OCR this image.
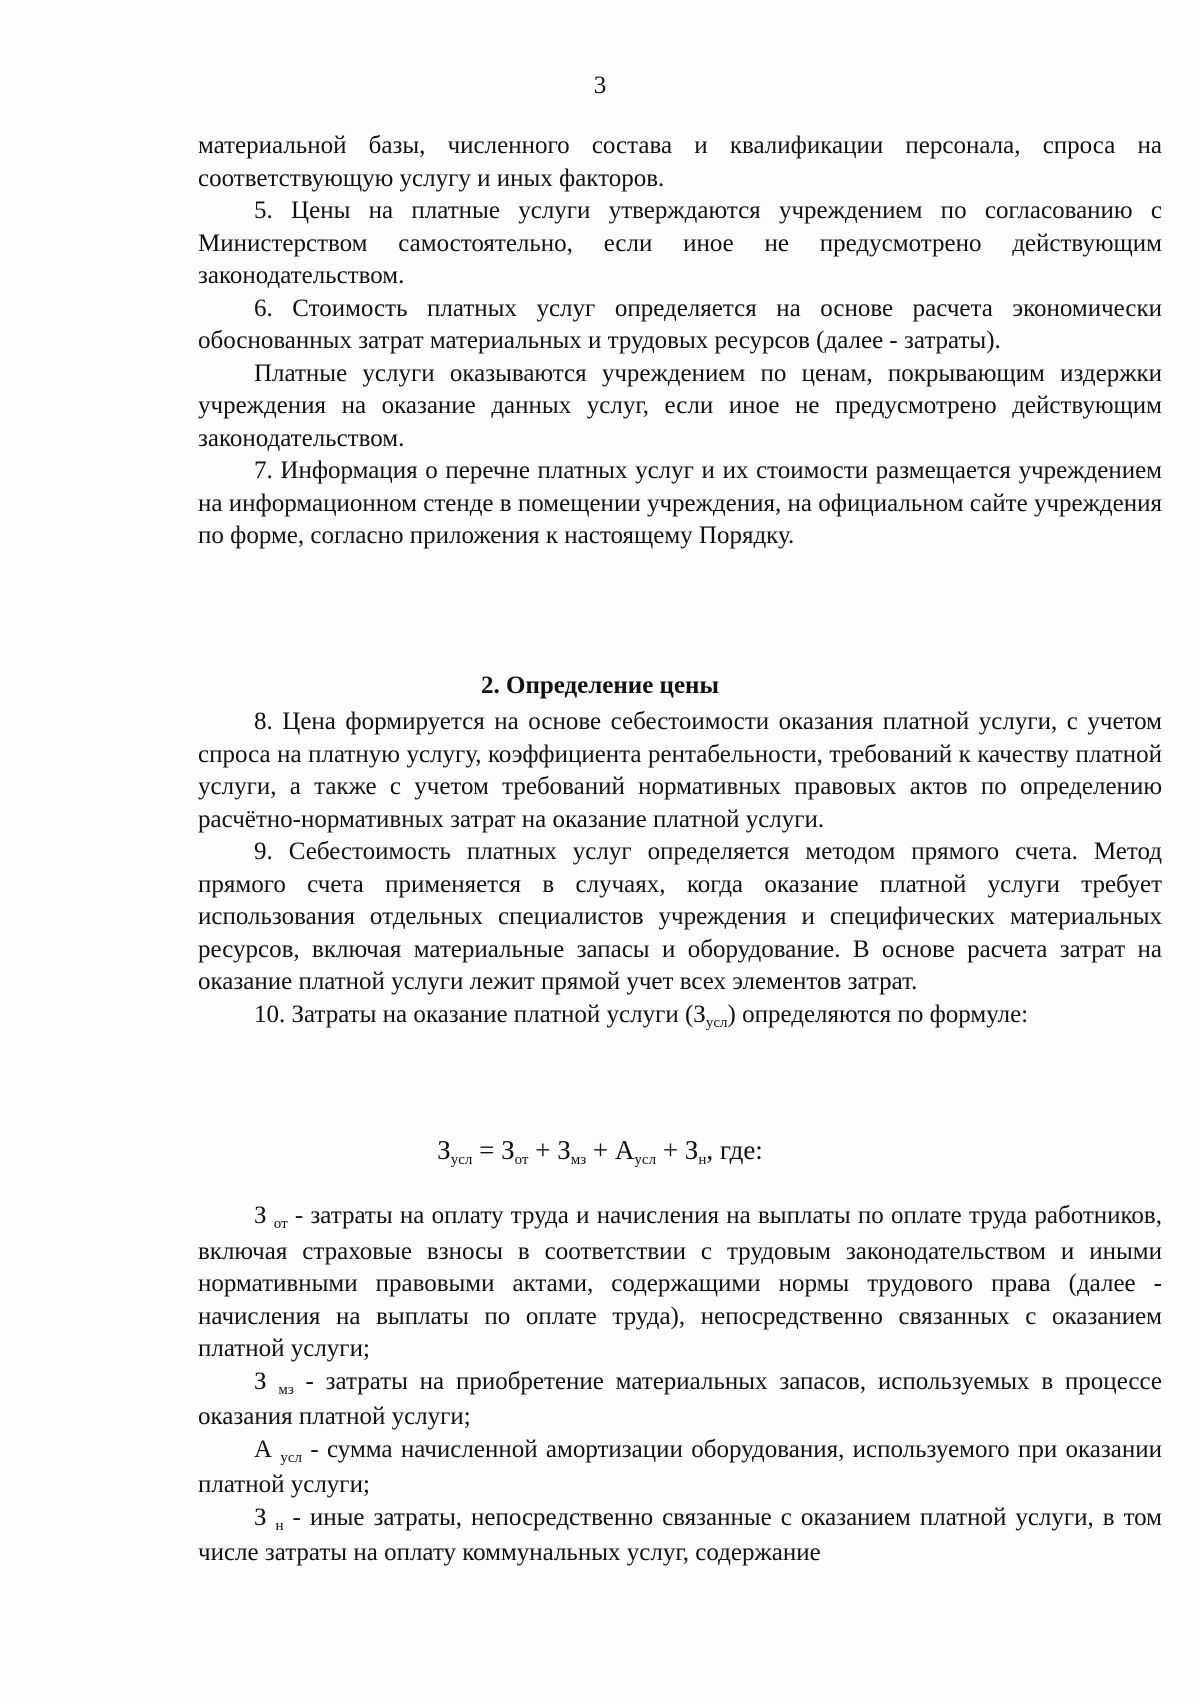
3

материальной базы, численного состава и квалификации персонала, спроса на соответствующую услугу и иных факторов.

5. Цены на платные услуги утверждаются учреждением по согласованию с Министерством самостоятельно, если иное не предусмотрено действующим законодательством.

6. Стоимость платных услуг определяется на основе расчета экономически обоснованных затрат материальных и трудовых ресурсов (далее - затраты).

Платные услуги оказываются учреждением по ценам, покрывающим издержки учреждения на оказание данных услуг, если иное не предусмотрено действующим законодательством.

7. Информация о перечне платных услуг и их стоимости размещается учреждением на информационном стенде в помещении учреждения, на официальном сайте учреждения по форме, согласно приложения к настоящему Порядку.

2. Определение цены

8. Цена формируется на основе себестоимости оказания платной услуги, с учетом спроса на платную услугу, коэффициента рентабельности, требований к качеству платной услуги, а также с учетом требований нормативных правовых актов по определению расчётно-нормативных затрат на оказание платной услуги.

9. Себестоимость платных услуг определяется методом прямого счета. Метод прямого счета применяется в случаях, когда оказание платной услуги требует использования отдельных специалистов учреждения и специфических материальных ресурсов, включая материальные запасы и оборудование. В основе расчета затрат на оказание платной услуги лежит прямой учет всех элементов затрат.

10. Затраты на оказание платной услуги $(З_{усл})$ определяются по формуле:

Зусл = Зот + Змз + Аусл + Зн, где:

З $_{от}$ - затраты на оплату труда и начисления на выплаты по оплате труда работников, включая страховые взносы в соответствии с трудовым законодательством и иными нормативными правовыми актами, содержащими нормы трудового права (далее - начисления на выплаты по оплате труда), непосредственно связанных с оказанием платной услуги;

З $_{мз}$ - затраты на приобретение материальных запасов, используемых в процессе оказания платной услуги;

А $_{усл}$ - сумма начисленной амортизации оборудования, используемого при оказании платной услуги;

З $_н$ - иные затраты, непосредственно связанные с оказанием платной услуги, в том числе затраты на оплату коммунальных услуг, содержание
